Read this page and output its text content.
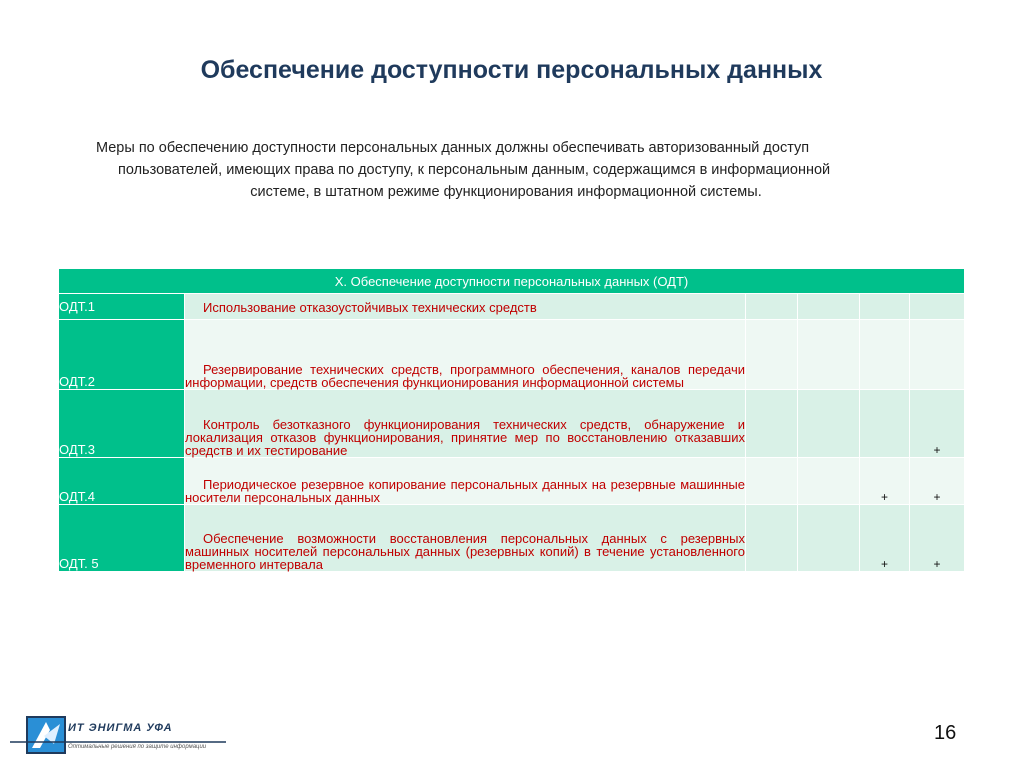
Обеспечение доступности персональных данных
Меры по обеспечению доступности персональных данных должны обеспечивать авторизованный доступ
пользователей, имеющих права по доступу, к персональным данным, содержащимся в информационной
системе, в штатном режиме функционирования информационной системы.
X. Обеспечение доступности персональных данных (ОДТ)					
ОДТ.1	Использование отказоустойчивых технических средств				
ОДТ.2	Резервирование технических средств, программного обеспечения, каналов передачи информации, средств обеспечения функционирования информационной системы				
ОДТ.3	Контроль безотказного функционирования технических средств, обнаружение и локализация отказов функционирования, принятие мер по восстановлению отказавших средств и их тестирование				+
ОДТ.4	Периодическое резервное копирование персональных данных на резервные машинные носители персональных данных			+	+
ОДТ. 5	Обеспечение возможности восстановления персональных данных с резервных машинных носителей персональных данных (резервных копий) в течение установленного временного интервала			+	+
ИТ ЭНИГМА УФА
Оптимальные решения по защите информации
16
